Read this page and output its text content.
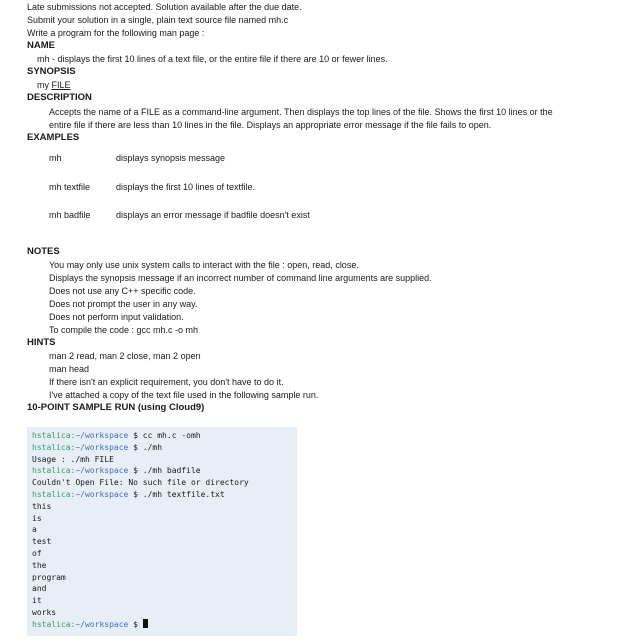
Late submissions not accepted. Solution available after the due date.
Submit your solution in a single, plain text source file named mh.c
Write a program for the following man page :
NAME
mh - displays the first 10 lines of a text file, or the entire file if there are 10 or fewer lines.
SYNOPSIS
my FILE
DESCRIPTION
Accepts the name of a FILE as a command-line argument. Then displays the top lines of the file. Shows the first 10 lines or the
entire file if there are less than 10 lines in the file. Displays an appropriate error message if the file fails to open.
EXAMPLES
mh	displays synopsis message
mh textfile	displays the first 10 lines of textfile.
mh badfile	displays an error message if badfile doesn't exist
NOTES
You may only use unix system calls to interact with the file : open, read, close.
Displays the synopsis message if an incorrect number of command line arguments are supplied.
Does not use any C++ specific code.
Does not prompt the user in any way.
Does not perform input validation.
To compile the code : gcc mh.c -o mh
HINTS
man 2 read, man 2 close, man 2 open
man head
If there isn't an explicit requirement, you don't have to do it.
I've attached a copy of the text file used in the following sample run.
10-POINT SAMPLE RUN (using Cloud9)
hstalica:~/workspace $ cc mh.c -omh
hstalica:~/workspace $ ./mh
Usage : ./mh FILE
hstalica:~/workspace $ ./mh badfile
Couldn't Open File: No such file or directory
hstalica:~/workspace $ ./mh textfile.txt
this
is
a
test
of
the
program
and
it
works
hstalica:~/workspace $
